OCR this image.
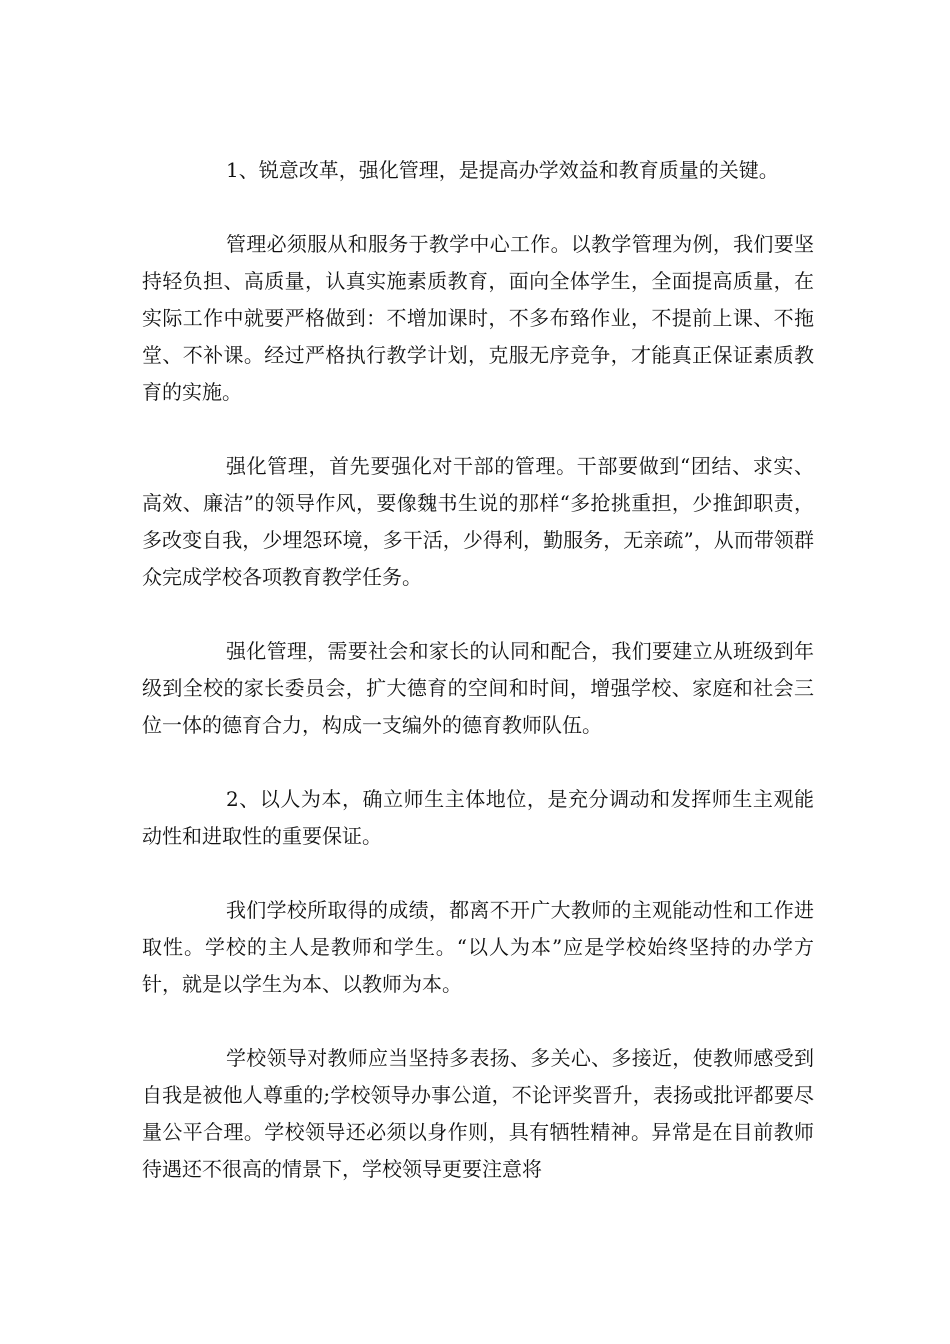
1、锐意改革，强化管理，是提高办学效益和教育质量的关键。

管理必须服从和服务于教学中心工作。以教学管理为例，我们要坚持轻负担、高质量，认真实施素质教育，面向全体学生，全面提高质量，在实际工作中就要严格做到：不增加课时，不多布臵作业，不提前上课、不拖堂、不补课。经过严格执行教学计划，克服无序竞争，才能真正保证素质教育的实施。

强化管理，首先要强化对干部的管理。干部要做到“团结、求实、高效、廉洁”的领导作风，要像魏书生说的那样“多抢挑重担，少推卸职责，多改变自我，少埋怨环境，多干活，少得利，勤服务，无亲疏”，从而带领群众完成学校各项教育教学任务。

强化管理，需要社会和家长的认同和配合，我们要建立从班级到年级到全校的家长委员会，扩大德育的空间和时间，增强学校、家庭和社会三位一体的德育合力，构成一支编外的德育教师队伍。

2、以人为本，确立师生主体地位，是充分调动和发挥师生主观能动性和进取性的重要保证。

我们学校所取得的成绩，都离不开广大教师的主观能动性和工作进取性。学校的主人是教师和学生。“以人为本”应是学校始终坚持的办学方针，就是以学生为本、以教师为本。

学校领导对教师应当坚持多表扬、多关心、多接近，使教师感受到自我是被他人尊重的;学校领导办事公道，不论评奖晋升，表扬或批评都要尽量公平合理。学校领导还必须以身作则，具有牺牲精神。异常是在目前教师待遇还不很高的情景下，学校领导更要注意将
